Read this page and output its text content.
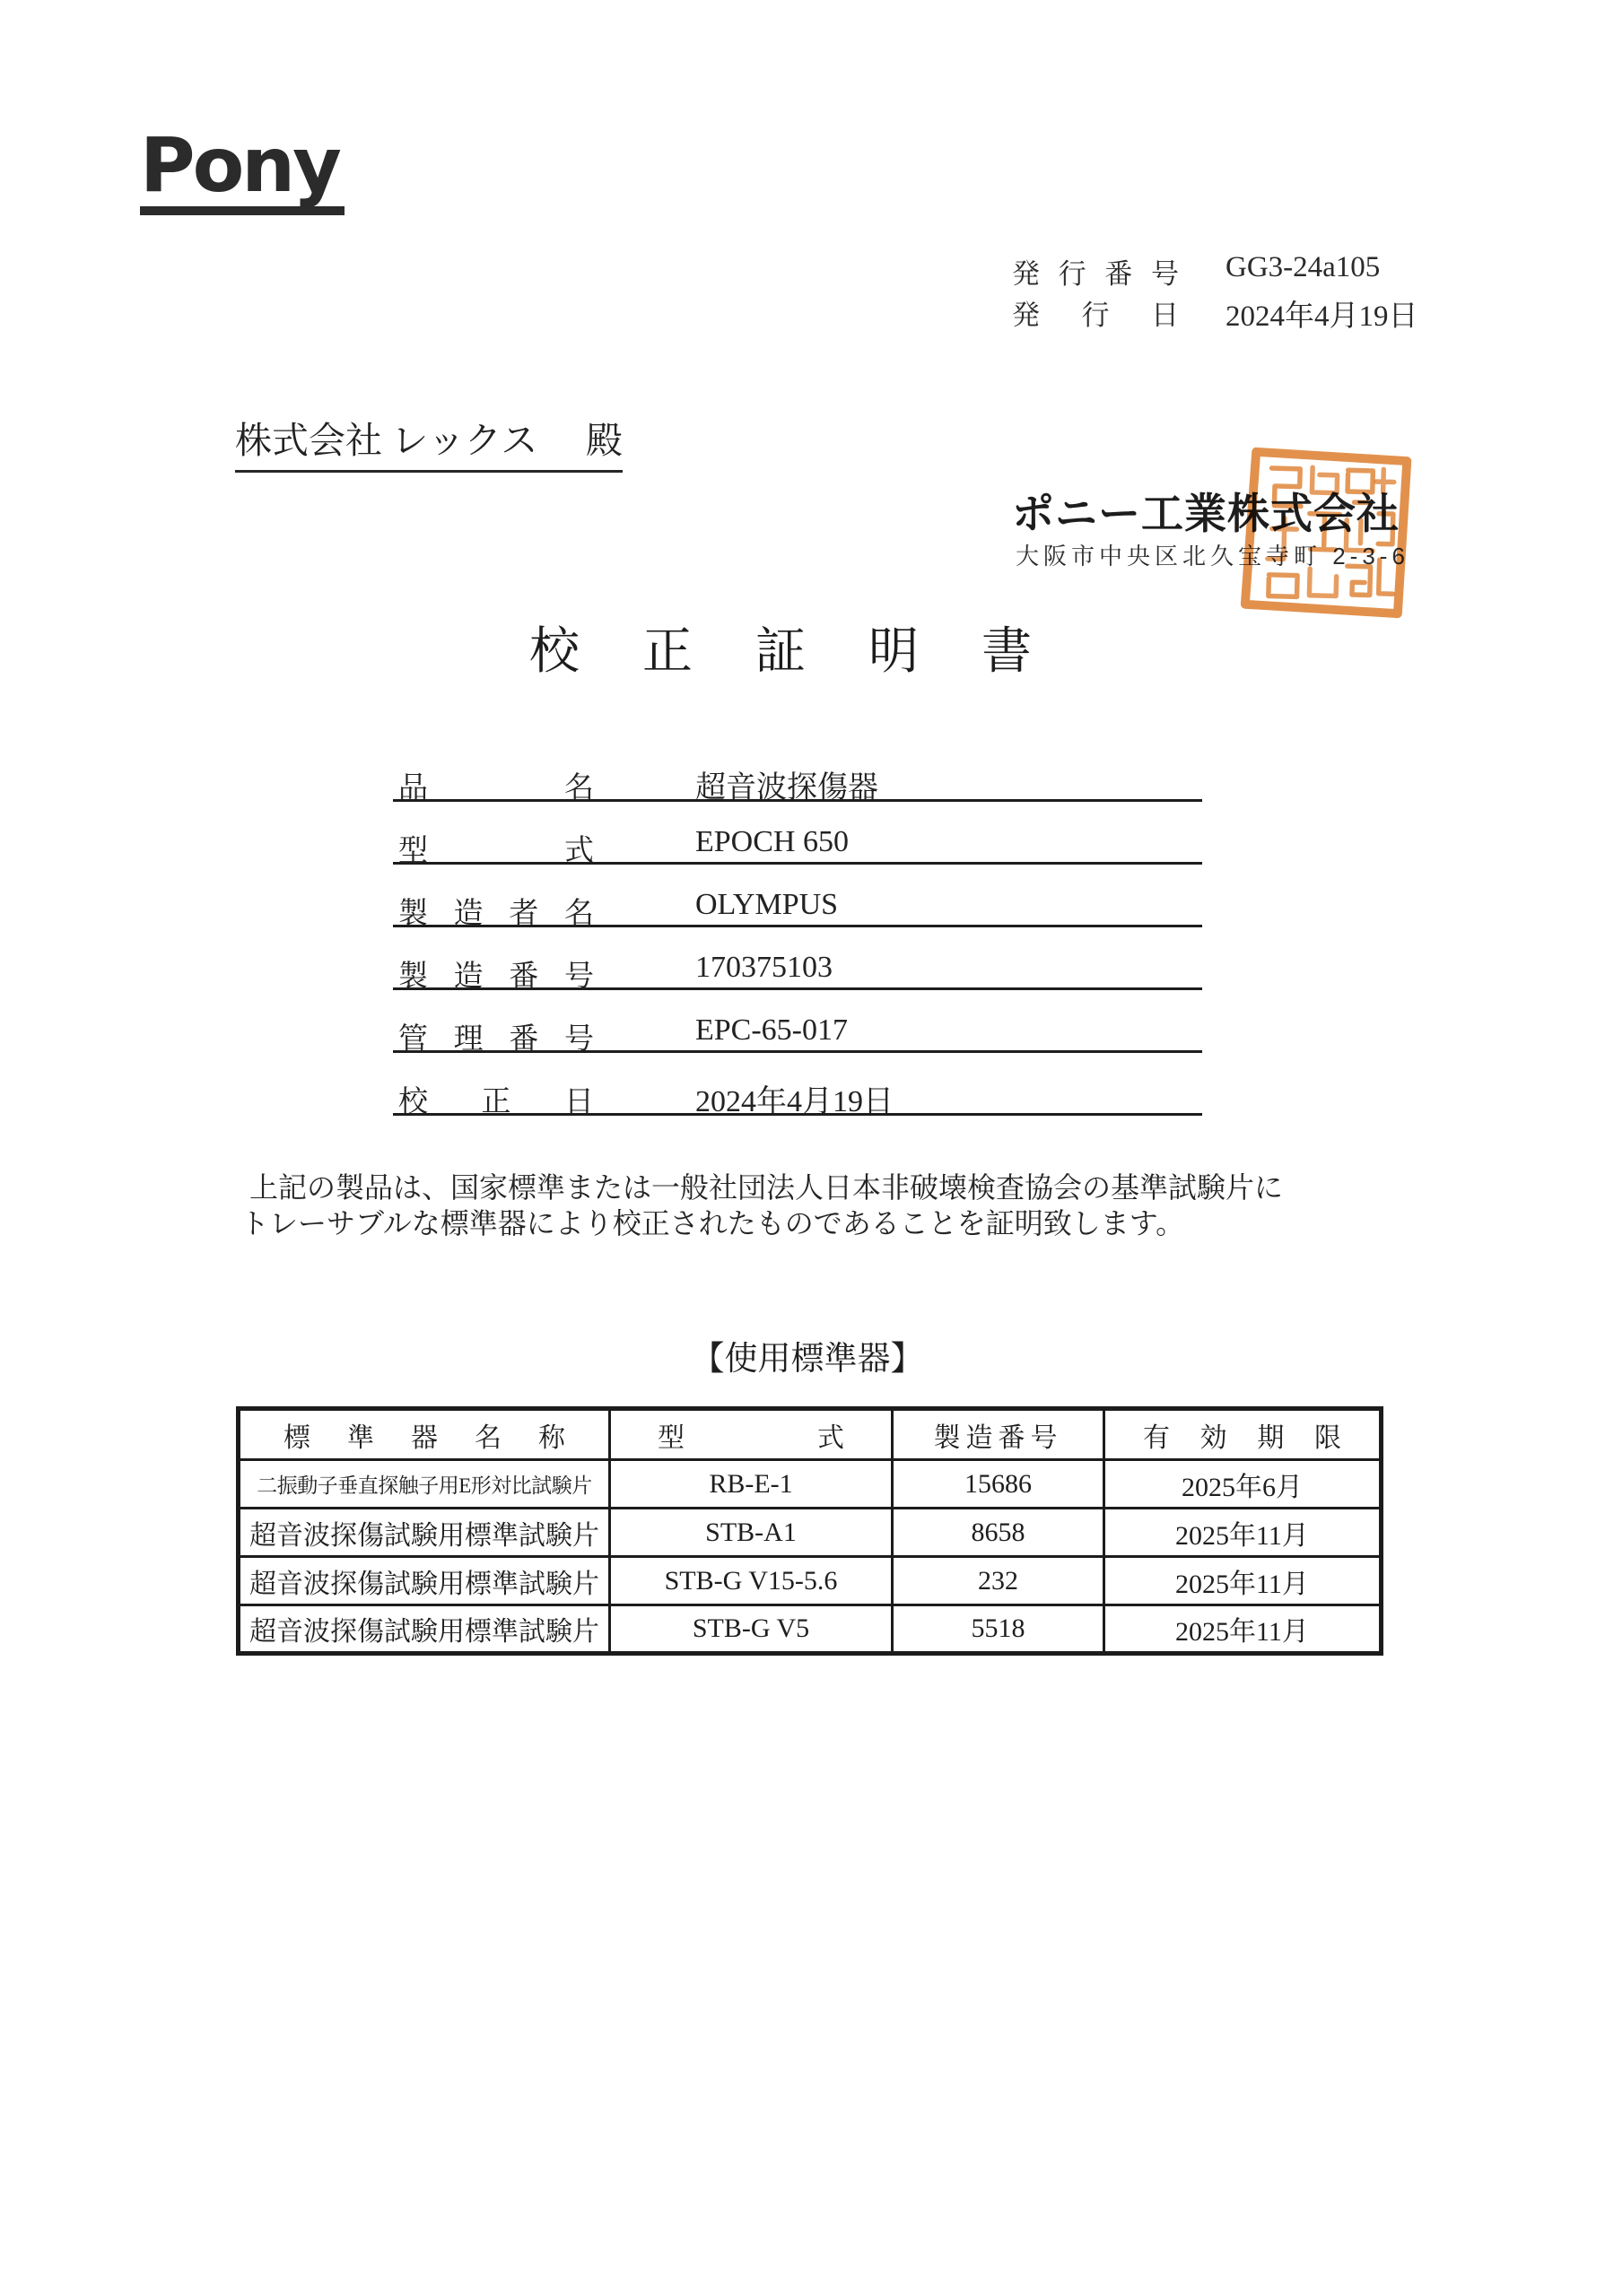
Pony
発行番号 GG3-24a105
発行日 2024年4月19日
株式会社 レックス 殿
ポニー工業株式会社
大阪市中央区北久宝寺町 2-3-6
校正証明書
品名	超音波探傷器
型式	EPOCH 650
製造者名	OLYMPUS
製造番号	170375103
管理番号	EPC-65-017
校正日	2024年4月19日
上記の製品は、国家標準または一般社団法人日本非破壊検査協会の基準試験片に
トレーサブルな標準器により校正されたものであることを証明致します。
【使用標準器】
標準器名称	型式	製造番号	有効期限

二振動子垂直探触子用E形対比試験片	RB-E-1	15686	2025年6月
超音波探傷試験用標準試験片	STB-A1	8658	2025年11月
超音波探傷試験用標準試験片	STB-G V15-5.6	232	2025年11月
超音波探傷試験用標準試験片	STB-G V5	5518	2025年11月
